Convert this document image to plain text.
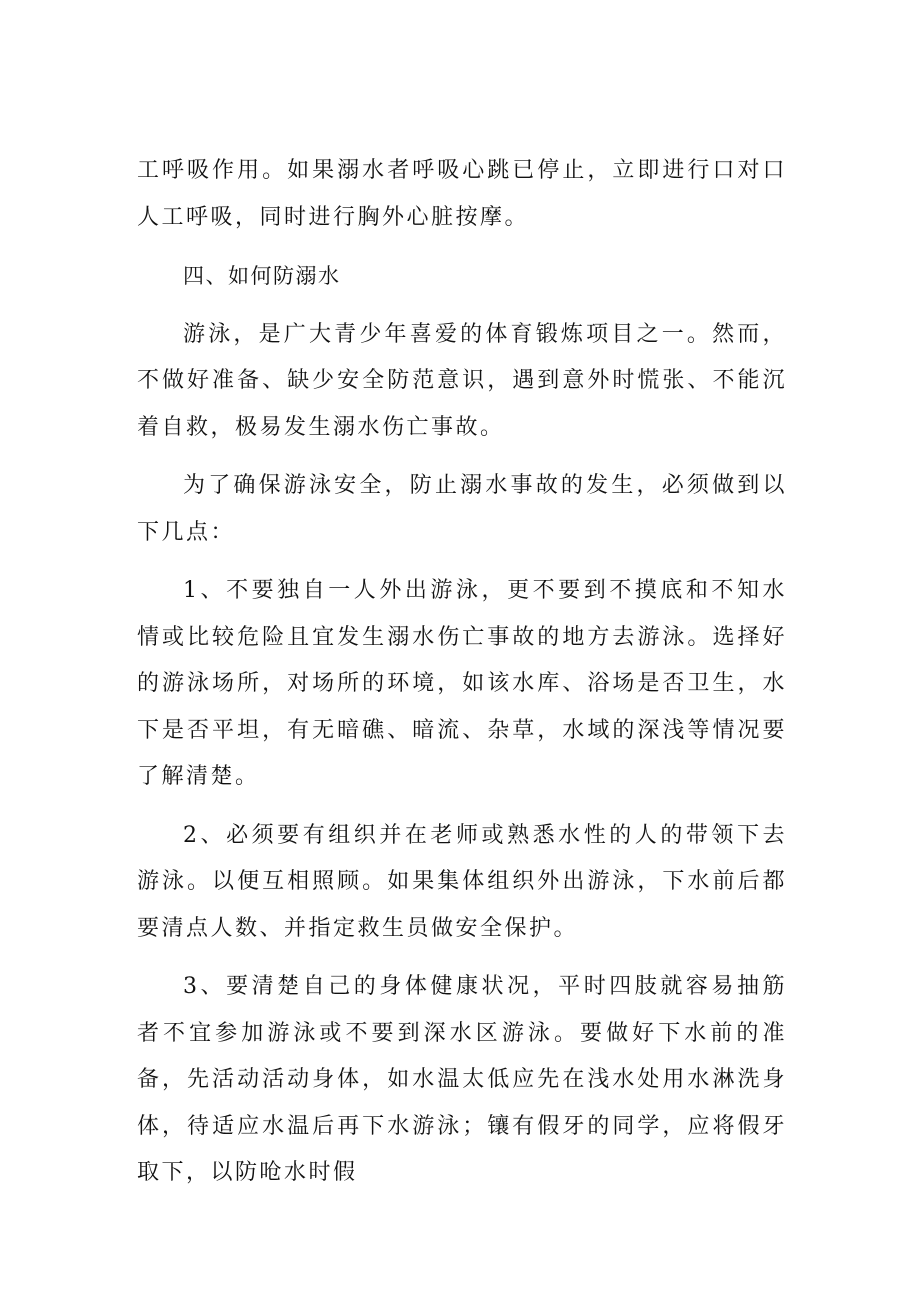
工呼吸作用。如果溺水者呼吸心跳已停止，立即进行口对口人工呼吸，同时进行胸外心脏按摩。

四、如何防溺水

游泳，是广大青少年喜爱的体育锻炼项目之一。然而，不做好准备、缺少安全防范意识，遇到意外时慌张、不能沉着自救，极易发生溺水伤亡事故。

为了确保游泳安全，防止溺水事故的发生，必须做到以下几点：

1、不要独自一人外出游泳，更不要到不摸底和不知水情或比较危险且宜发生溺水伤亡事故的地方去游泳。选择好的游泳场所，对场所的环境，如该水库、浴场是否卫生，水下是否平坦，有无暗礁、暗流、杂草，水域的深浅等情况要了解清楚。

2、必须要有组织并在老师或熟悉水性的人的带领下去游泳。以便互相照顾。如果集体组织外出游泳，下水前后都要清点人数、并指定救生员做安全保护。

3、要清楚自己的身体健康状况，平时四肢就容易抽筋者不宜参加游泳或不要到深水区游泳。要做好下水前的准备，先活动活动身体，如水温太低应先在浅水处用水淋洗身体，待适应水温后再下水游泳；镶有假牙的同学，应将假牙取下，以防呛水时假
